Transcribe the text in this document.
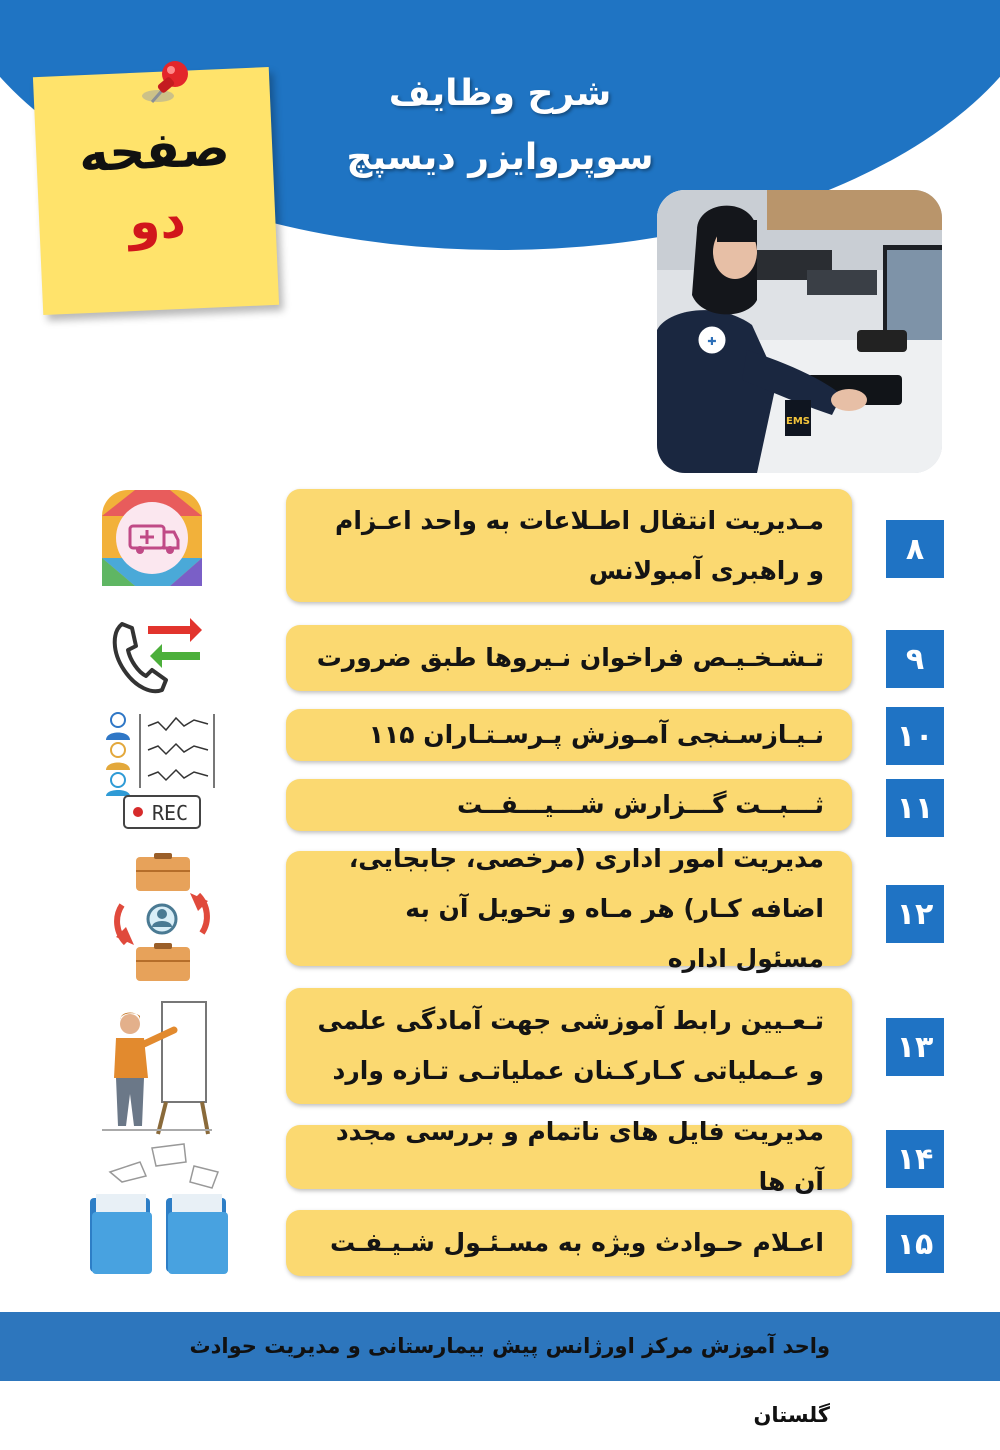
شرح وظایف
سوپروایزر دیسپچ
صفحه
دو
✚
EMS
مـدیریت انتقال اطـلاعات به واحد اعـزام و راهبری آمبولانس
۸
تـشـخـیـص فراخوان نـیروها طبق ضرورت	۹
نـیـازسـنجی آمـوزش پـرسـتـاران ۱۱۵	۱۰
ثـــبــت گـــزارش شـــیـــفــت	۱۱
مدیریت امور اداری (مرخصی، جابجایی، اضافه کـار) هر مـاه و تحویل آن به مسئول اداره
۱۲
تـعـیین رابط آموزشی جهت آمادگی علمی و عـملیاتی کـارکـنان عملیاتـی تـازه وارد
۱۳
مدیریت فایل های ناتمام و بررسی مجدد آن ها
۱۴
اعـلام حـوادث ویژه به مسـئـول شـیـفـت	۱۵
REC
واحد آموزش مرکز اورژانس پیش بیمارستانی و مدیریت حوادث گلستان
